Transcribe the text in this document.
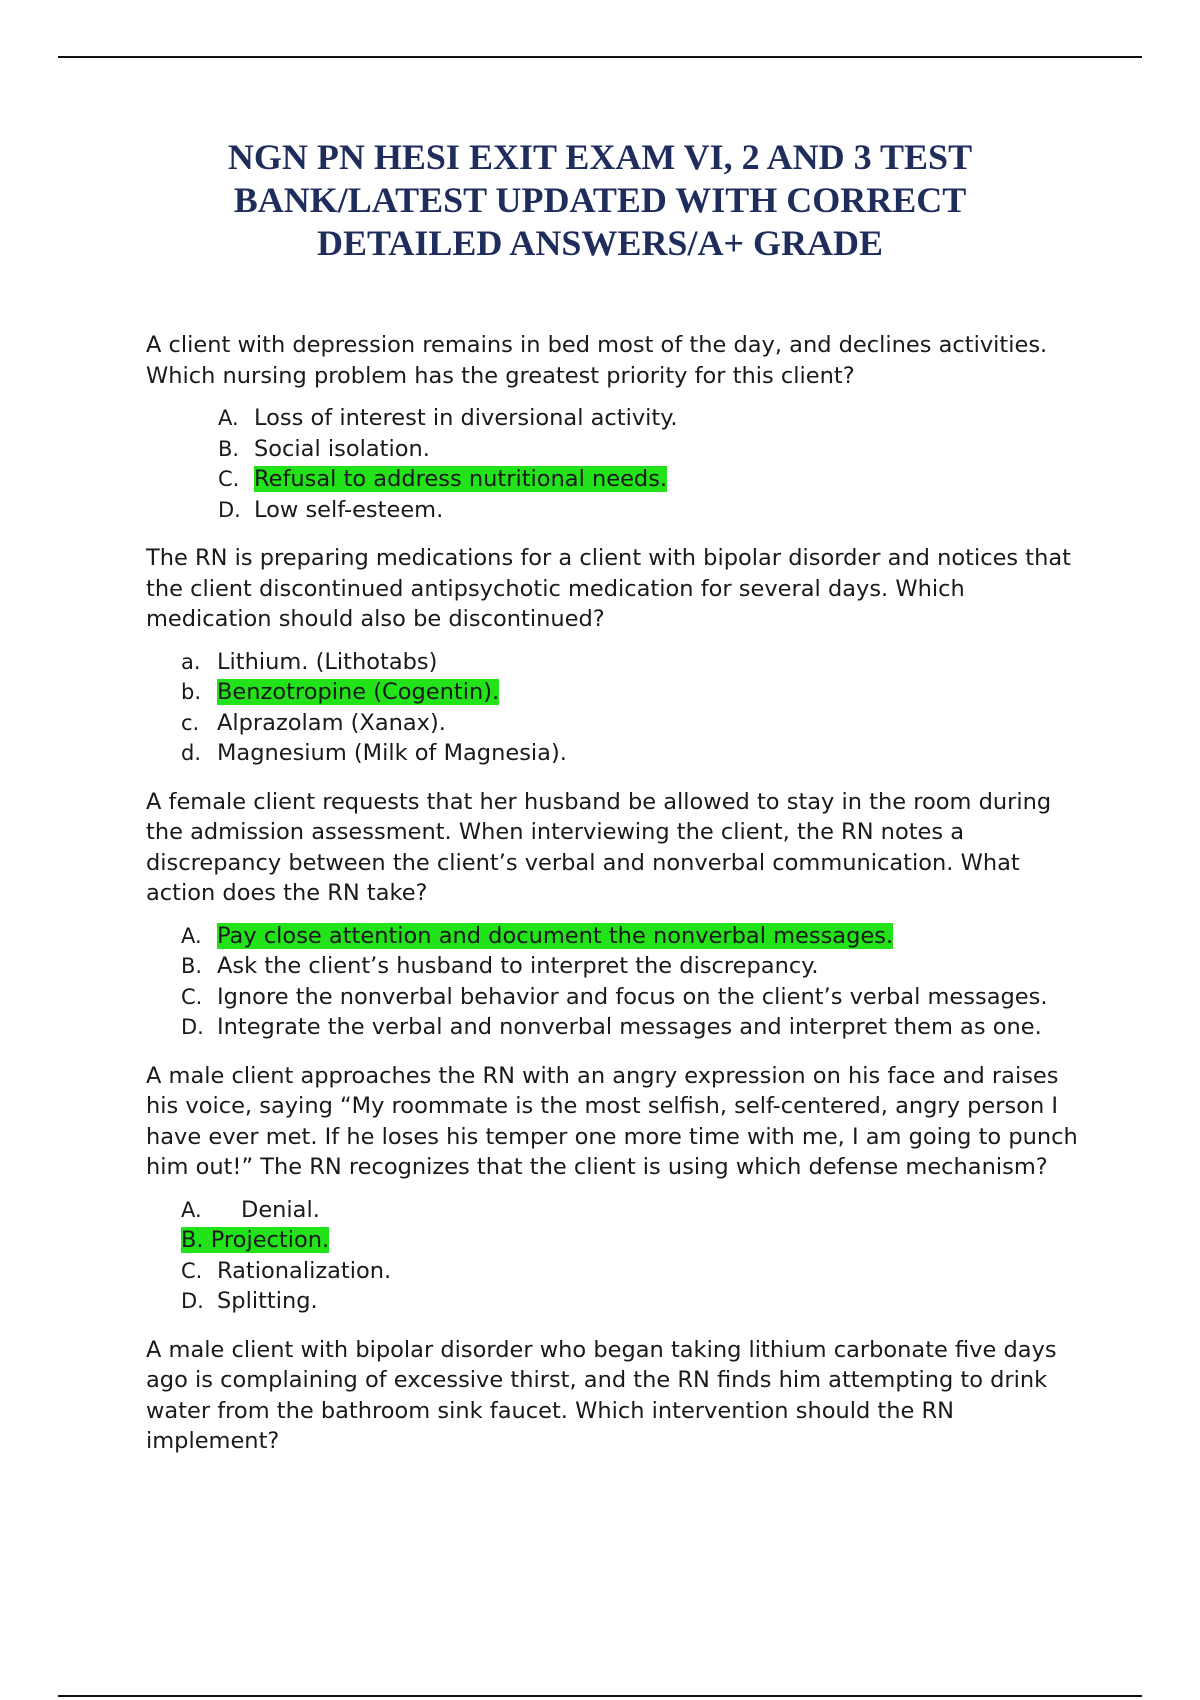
NGN PN HESI EXIT EXAM VI, 2 AND 3 TEST
BANK/LATEST UPDATED WITH CORRECT
DETAILED ANSWERS/A+ GRADE

A client with depression remains in bed most of the day, and declines activities. Which nursing problem has the greatest priority for this client?

A. Loss of interest in diversional activity.
B. Social isolation.
C. Refusal to address nutritional needs.
D. Low self-esteem.

The RN is preparing medications for a client with bipolar disorder and notices that the client discontinued antipsychotic medication for several days. Which medication should also be discontinued?

a. Lithium. (Lithotabs)
b. Benzotropine (Cogentin).
c. Alprazolam (Xanax).
d. Magnesium (Milk of Magnesia).

A female client requests that her husband be allowed to stay in the room during the admission assessment. When interviewing the client, the RN notes a discrepancy between the client’s verbal and nonverbal communication. What action does the RN take?

A. Pay close attention and document the nonverbal messages.
B. Ask the client’s husband to interpret the discrepancy.
C. Ignore the nonverbal behavior and focus on the client’s verbal messages.
D. Integrate the verbal and nonverbal messages and interpret them as one.

A male client approaches the RN with an angry expression on his face and raises his voice, saying “My roommate is the most selfish, self-centered, angry person I have ever met. If he loses his temper one more time with me, I am going to punch him out!” The RN recognizes that the client is using which defense mechanism?

A. Denial.
B. Projection.
C. Rationalization.
D. Splitting.

A male client with bipolar disorder who began taking lithium carbonate five days ago is complaining of excessive thirst, and the RN finds him attempting to drink water from the bathroom sink faucet. Which intervention should the RN implement?
